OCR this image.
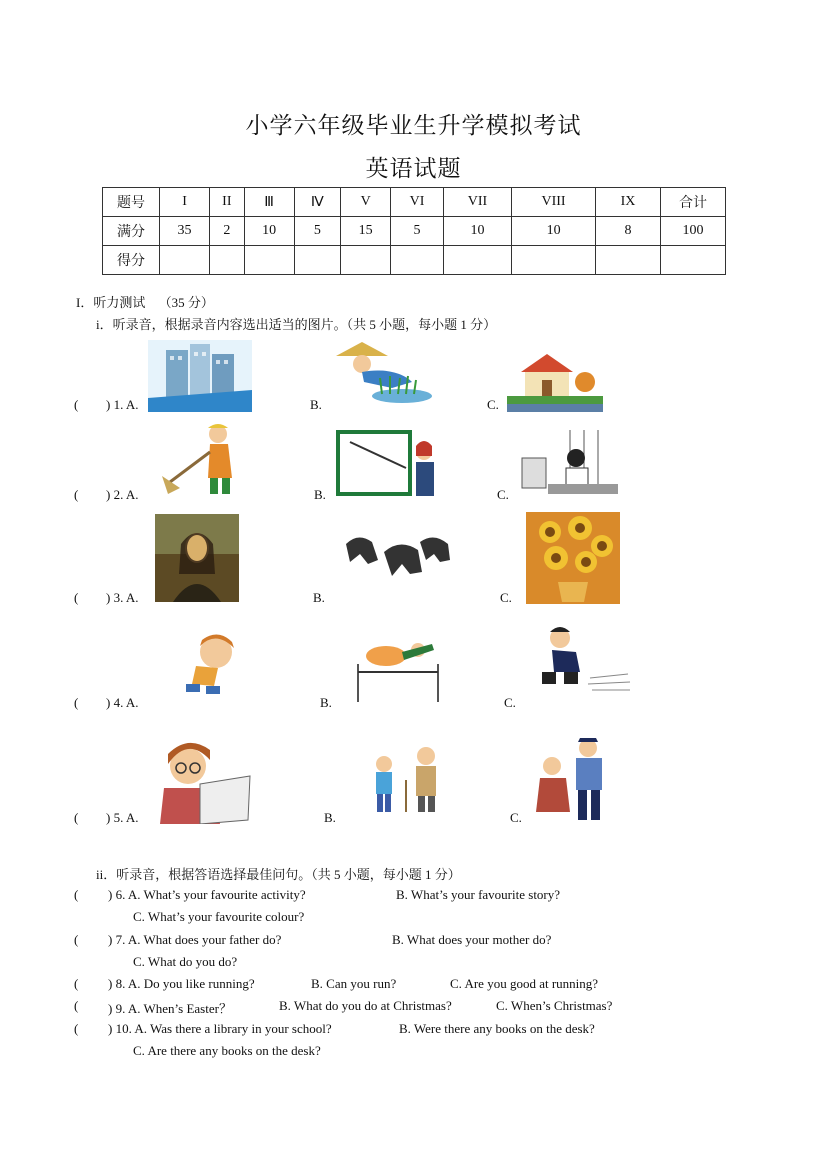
小学六年级毕业生升学模拟考试
英语试题
题号	I	II	Ⅲ	Ⅳ	V	VI	VII	VIII	IX	合计
满分	35	2	10	5	15	5	10	10	8	100
得分										
I．听力测试 （35 分）
i．听录音，根据录音内容选出适当的图片。（共 5 小题，每小题 1 分）
( ) 1. A.	B.	C.
( ) 2. A.	B.	C.
( ) 3. A.	B.	C.
( ) 4. A.	B.	C.
( ) 5. A.	B.	C.
ii．听录音，根据答语选择最佳问句。（共 5 小题，每小题 1 分）
( ) 6. A. What’s your favourite activity?	B. What’s your favourite story?
C. What’s your favourite colour?
( ) 7. A. What does your father do?	B. What does your mother do?
C. What do you do?
( ) 8. A. Do you like running?	B. Can you run?	C. Are you good at running?
( ) 9. A. When’s Easter？	B. What do you do at Christmas?	C. When’s Christmas?
( ) 10. A. Was there a library in your school?	B. Were there any books on the desk?
C. Are there any books on the desk?
